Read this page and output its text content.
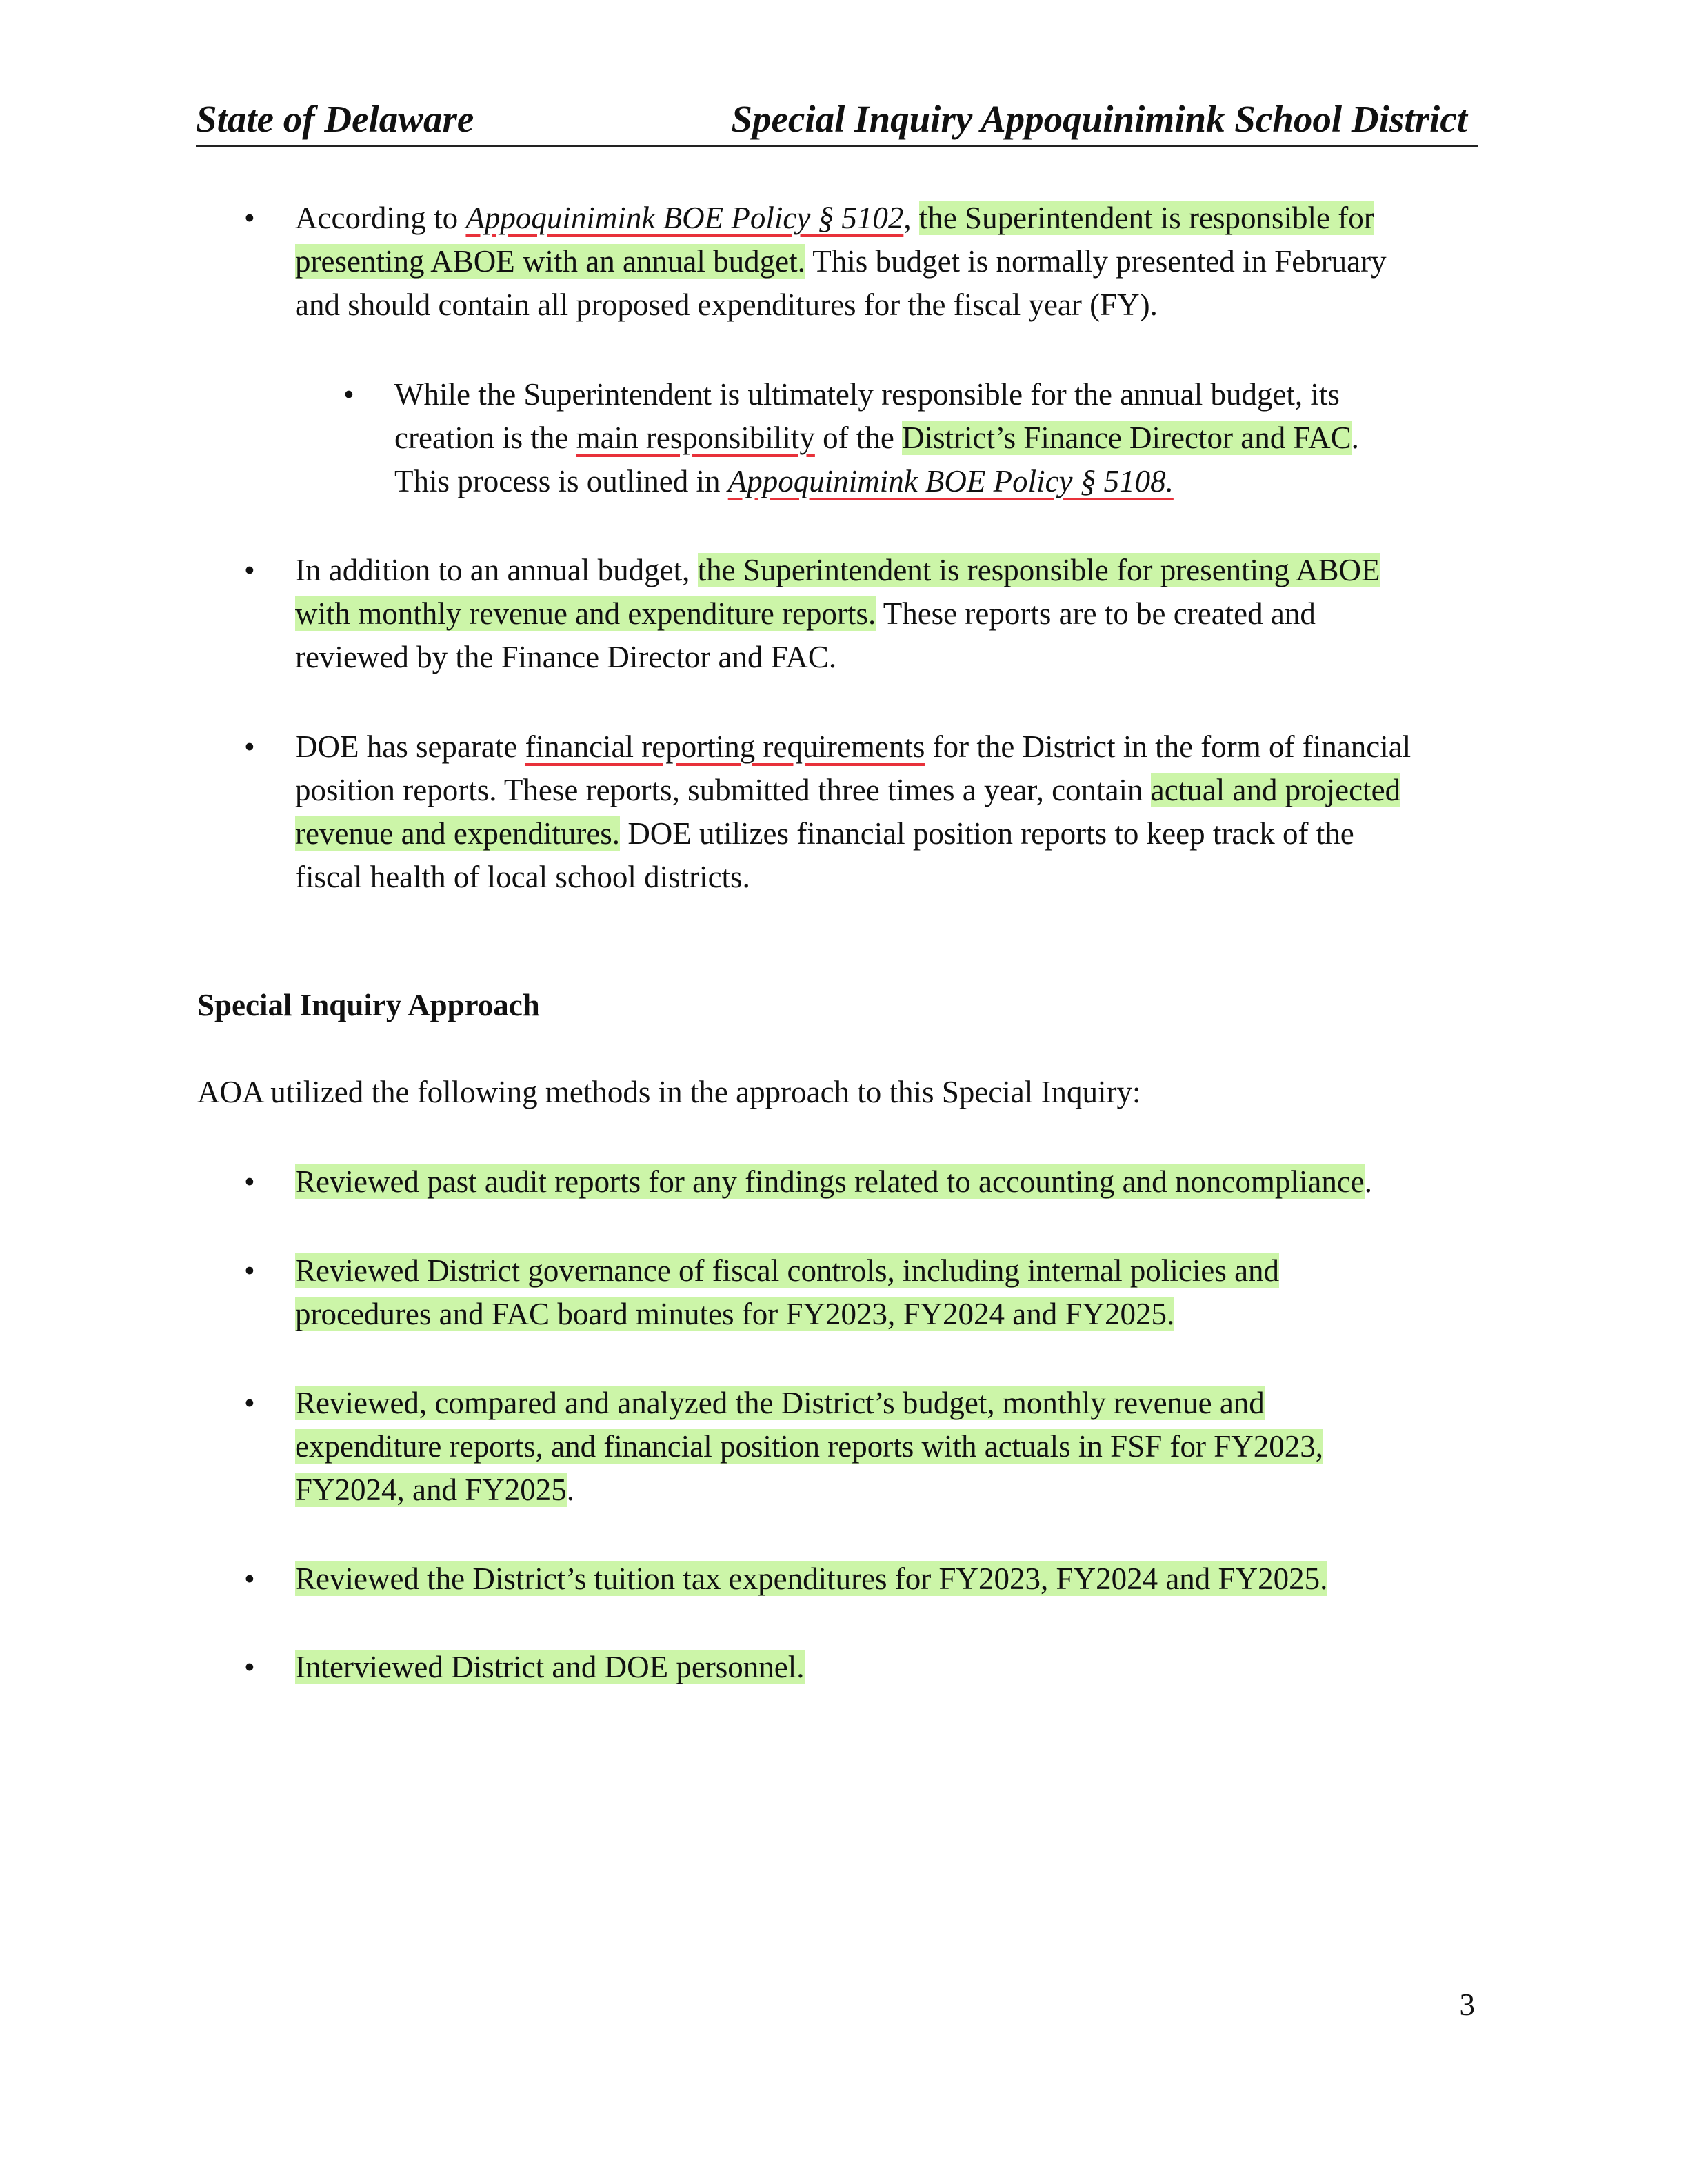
State of Delaware	Special Inquiry Appoquinimink School District
• According to Appoquinimink BOE Policy § 5102, the Superintendent is responsible for
presenting ABOE with an annual budget. This budget is normally presented in February
and should contain all proposed expenditures for the fiscal year (FY).
• While the Superintendent is ultimately responsible for the annual budget, its
creation is the main responsibility of the District’s Finance Director and FAC.
This process is outlined in Appoquinimink BOE Policy § 5108.
• In addition to an annual budget, the Superintendent is responsible for presenting ABOE
with monthly revenue and expenditure reports. These reports are to be created and
reviewed by the Finance Director and FAC.
• DOE has separate financial reporting requirements for the District in the form of financial
position reports. These reports, submitted three times a year, contain actual and projected
revenue and expenditures. DOE utilizes financial position reports to keep track of the
fiscal health of local school districts.
Special Inquiry Approach
AOA utilized the following methods in the approach to this Special Inquiry:
• Reviewed past audit reports for any findings related to accounting and noncompliance.
• Reviewed District governance of fiscal controls, including internal policies and
procedures and FAC board minutes for FY2023, FY2024 and FY2025.
• Reviewed, compared and analyzed the District’s budget, monthly revenue and
expenditure reports, and financial position reports with actuals in FSF for FY2023,
FY2024, and FY2025.
• Reviewed the District’s tuition tax expenditures for FY2023, FY2024 and FY2025.
• Interviewed District and DOE personnel.
3
